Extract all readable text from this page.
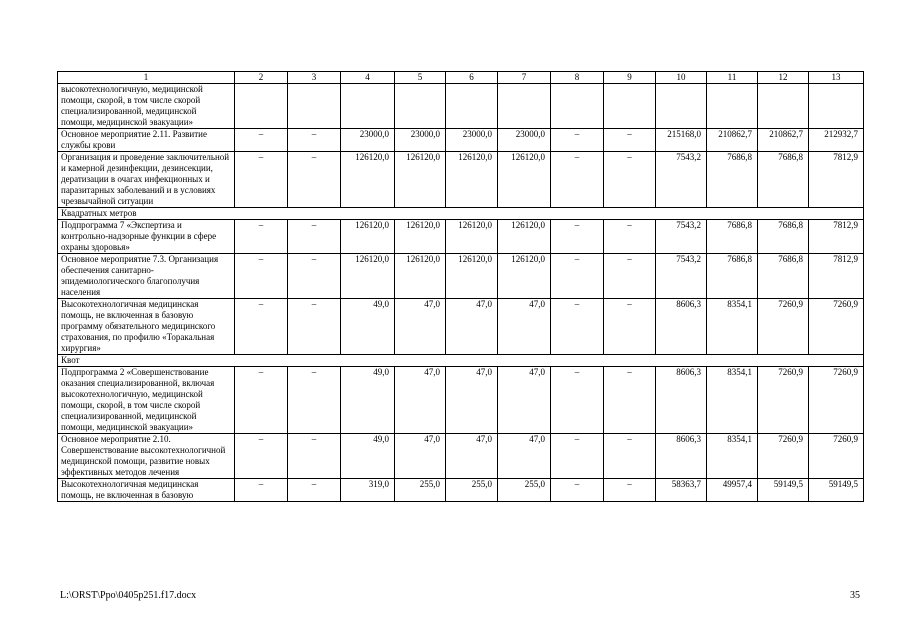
1	2	3	4	5	6	7	8	9	10	11	12	13
высокотехнологичную, медицинской помощи, скорой, в том числе скорой специализированной, медицинской помощи, медицинской эвакуации»												
Основное мероприятие 2.11. Развитие службы крови	–	–	23000,0	23000,0	23000,0	23000,0	–	–	215168,0	210862,7	210862,7	212932,7
Организация и проведение заключительной и камерной дезинфекции, дезинсекции, дератизации в очагах инфекционных и паразитарных заболеваний и в условиях чрезвычайной ситуации	–	–	126120,0	126120,0	126120,0	126120,0	–	–	7543,2	7686,8	7686,8	7812,9
Квадратных метров												
Подпрограмма 7 «Экспертиза и контрольно-надзорные функции в сфере охраны здоровья»	–	–	126120,0	126120,0	126120,0	126120,0	–	–	7543,2	7686,8	7686,8	7812,9
Основное мероприятие 7.3. Организация обеспечения санитарно-эпидемиологического благополучия населения	–	–	126120,0	126120,0	126120,0	126120,0	–	–	7543,2	7686,8	7686,8	7812,9
Высокотехнологичная медицинская помощь, не включенная в базовую программу обязательного медицинского страхования, по профилю «Торакальная хирургия»	–	–	49,0	47,0	47,0	47,0	–	–	8606,3	8354,1	7260,9	7260,9
Квот												
Подпрограмма 2 «Совершенствование оказания специализированной, включая высокотехнологичную, медицинской помощи, скорой, в том числе скорой специализированной, медицинской помощи, медицинской эвакуации»	–	–	49,0	47,0	47,0	47,0	–	–	8606,3	8354,1	7260,9	7260,9
Основное мероприятие 2.10. Совершенствование высокотехнологичной медицинской помощи, развитие новых эффективных методов лечения	–	–	49,0	47,0	47,0	47,0	–	–	8606,3	8354,1	7260,9	7260,9
Высокотехнологичная медицинская помощь, не включенная в базовую	–	–	319,0	255,0	255,0	255,0	–	–	58363,7	49957,4	59149,5	59149,5
L:\ORST\Ppo\0405p251.f17.docx	35
